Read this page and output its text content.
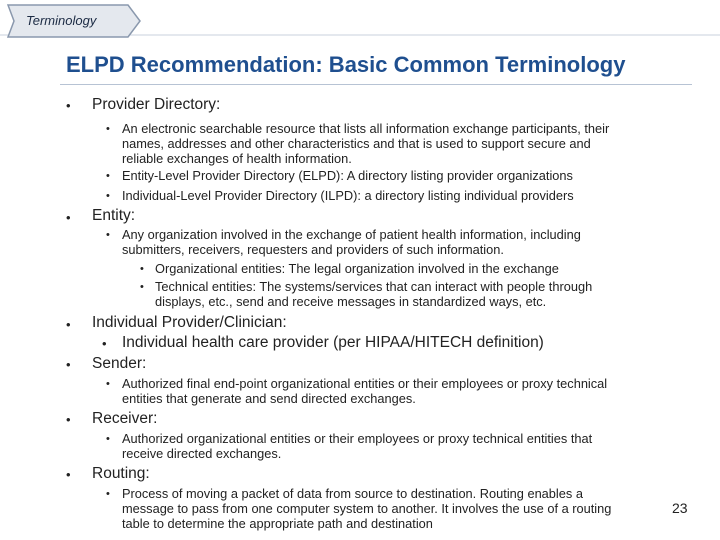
Terminology
ELPD Recommendation: Basic Common Terminology
• Provider Directory:
• An electronic searchable resource that lists all information exchange participants, their
names, addresses and other characteristics and that is used to support secure and
reliable exchanges of health information.
• Entity-Level Provider Directory (ELPD): A directory listing provider organizations
• Individual-Level Provider Directory (ILPD): a directory listing individual providers
• Entity:
• Any organization involved in the exchange of patient health information, including
submitters, receivers, requesters and providers of such information.
• Organizational entities: The legal organization involved in the exchange
• Technical entities: The systems/services that can interact with people through
displays, etc., send and receive messages in standardized ways, etc.
• Individual Provider/Clinician:
• Individual health care provider (per HIPAA/HITECH definition)
• Sender:
• Authorized final end-point organizational entities or their employees or proxy technical
entities that generate and send directed exchanges.
• Receiver:
• Authorized organizational entities or their employees or proxy technical entities that
receive directed exchanges.
• Routing:
• Process of moving a packet of data from source to destination. Routing enables a
message to pass from one computer system to another. It involves the use of a routing
table to determine the appropriate path and destination
23
